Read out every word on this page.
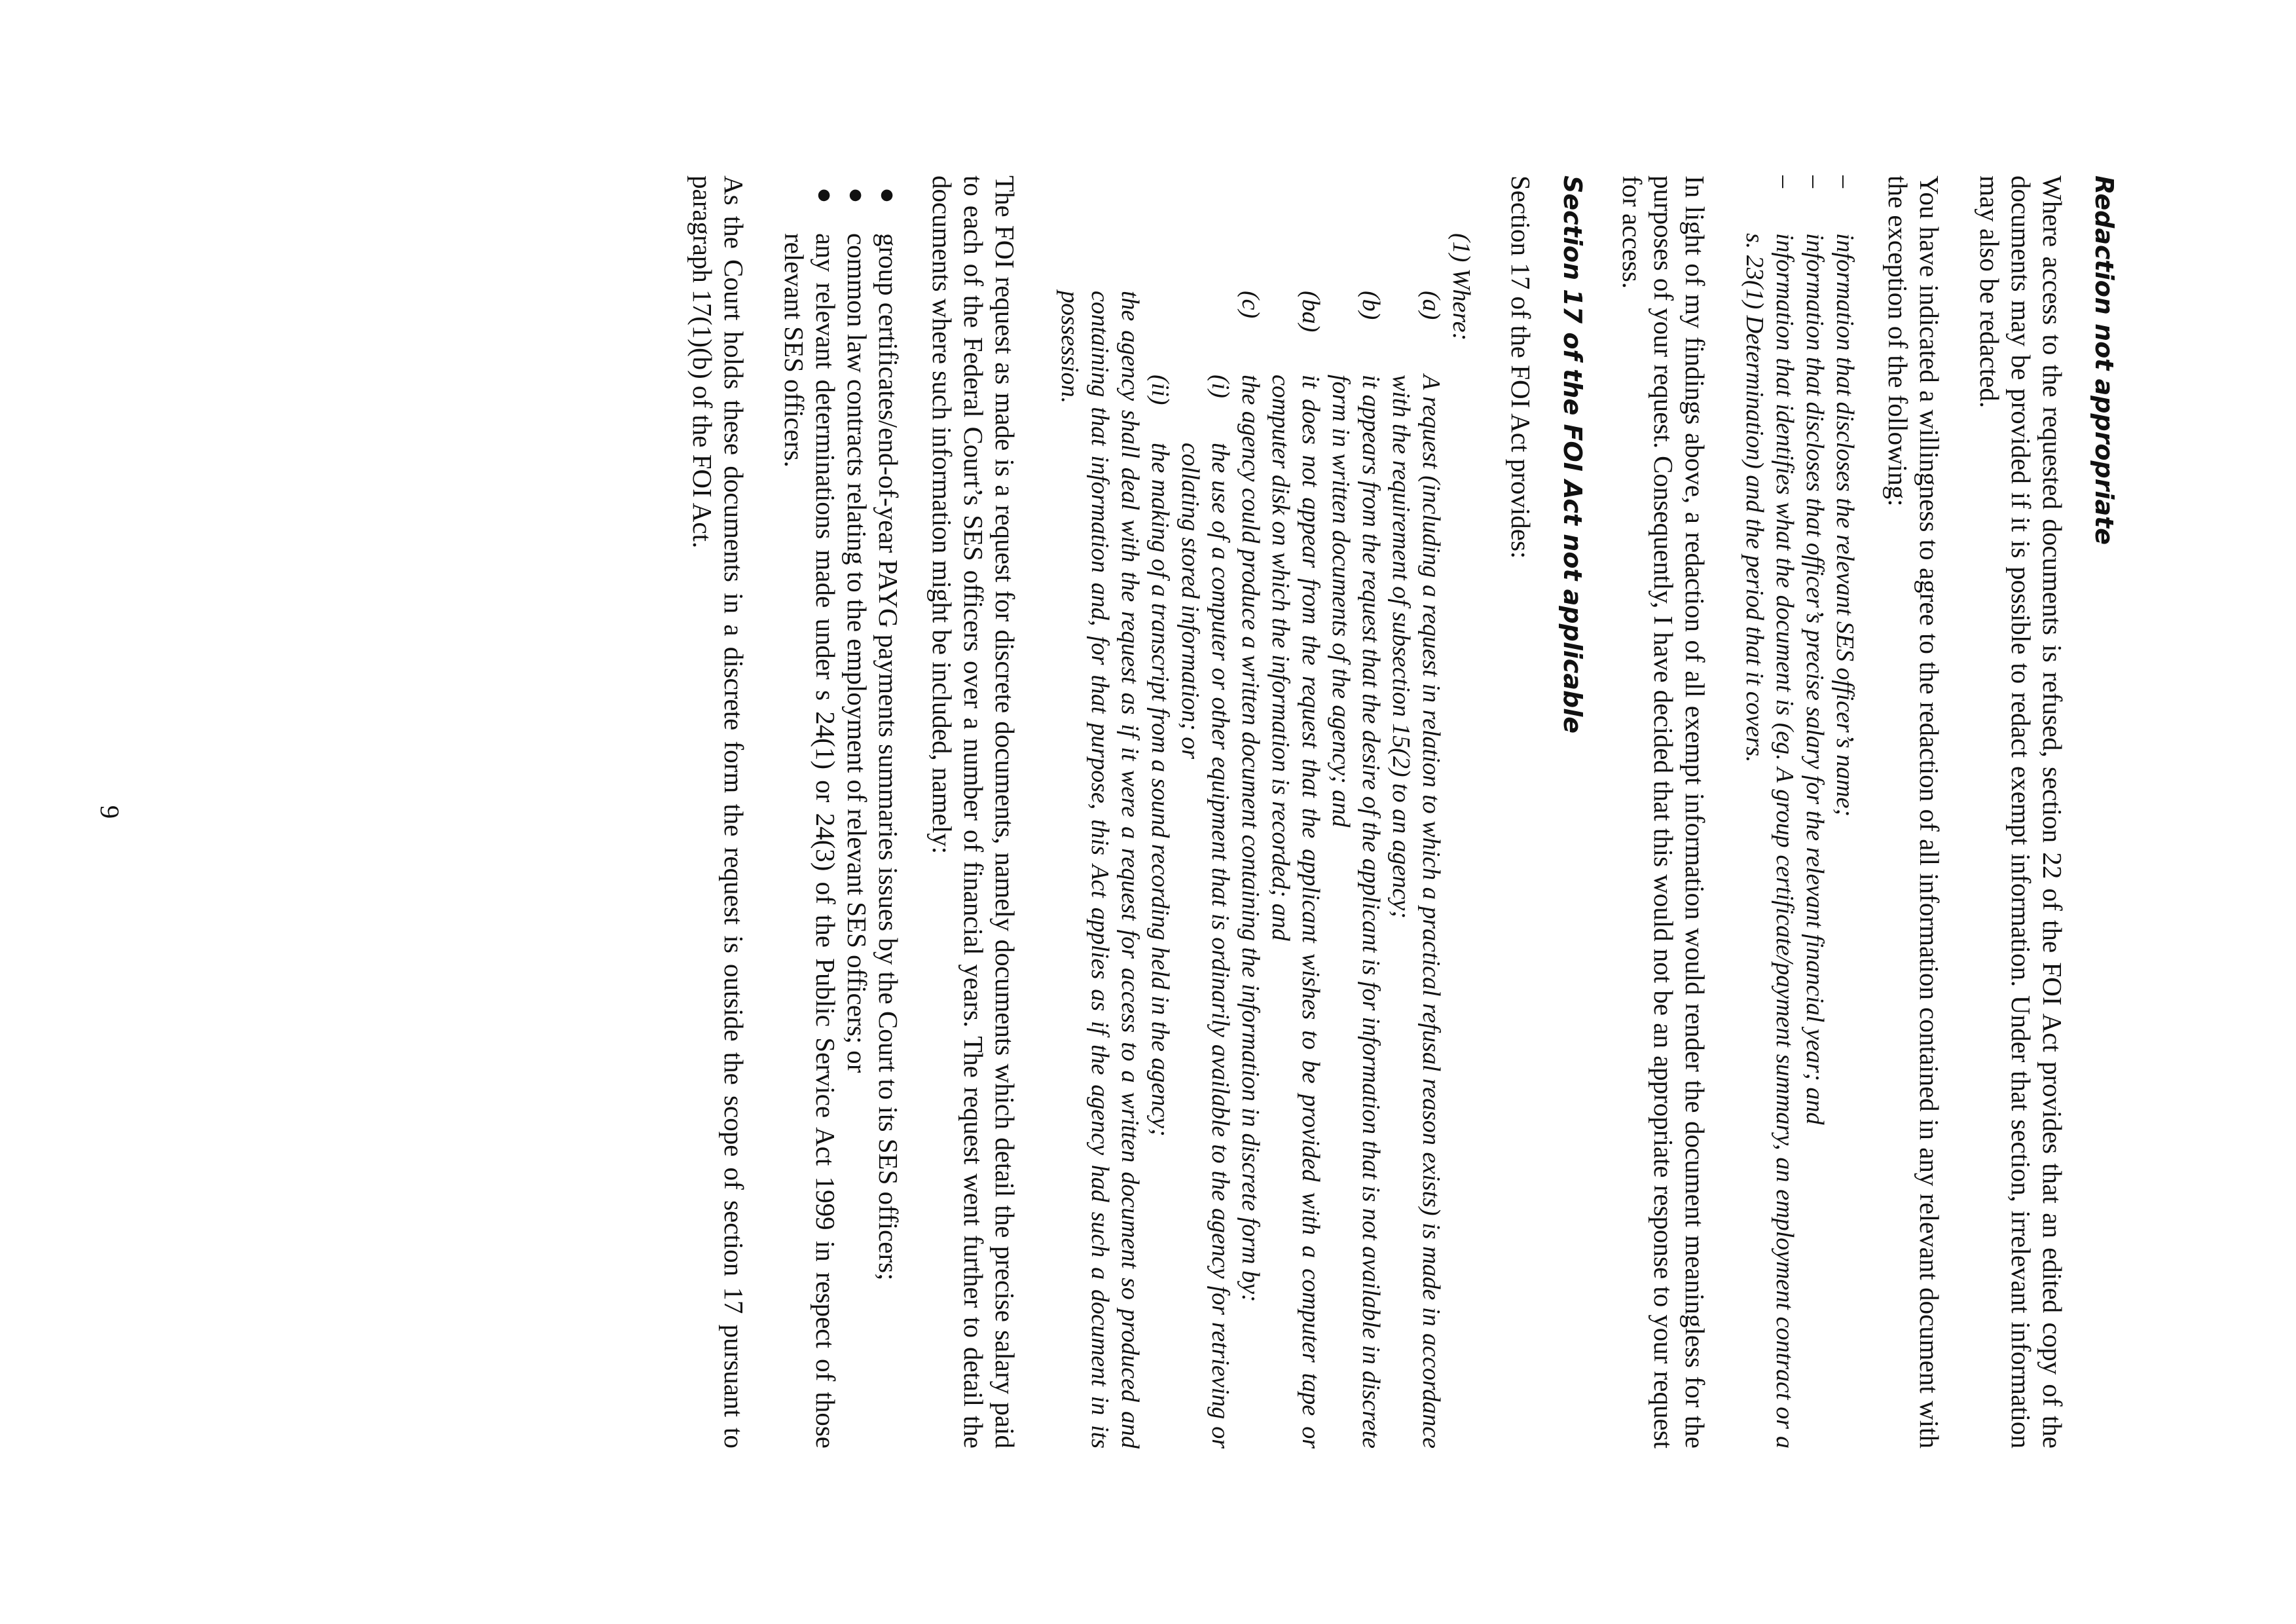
Redaction not appropriate

Where access to the requested documents is refused, section 22 of the FOI Act provides that an edited copy of the documents may be provided if it is possible to redact exempt information. Under that section, irrelevant information may also be redacted.

You have indicated a willingness to agree to the redaction of all information contained in any relevant document with the exception of the following:

–
information that discloses the relevant SES officer’s name;
–
information that discloses that officer’s precise salary for the relevant financial year; and
–
information that identifies what the document is (eg. A group certificate/payment summary, an employment contract or a s. 23(1) Determination) and the period that it covers.

In light of my findings above, a redaction of all exempt information would render the document meaningless for the purposes of your request. Consequently, I have decided that this would not be an appropriate response to your request for access.

Section 17 of the FOI Act not applicable

Section 17 of the FOI Act provides:

(1) Where:
(a)
A request (including a request in relation to which a practical refusal reason exists) is made in accordance with the requirement of subsection 15(2) to an agency;
(b)
it appears from the request that the desire of the applicant is for information that is not available in discrete form in written documents of the agency; and
(ba)
it does not appear from the request that the applicant wishes to be provided with a computer tape or computer disk on which the information is recorded; and
(c)
the agency could produce a written document containing the information in discrete form by:
(i)
the use of a computer or other equipment that is ordinarily available to the agency for retrieving or collating stored information; or
(ii)
the making of a transcript from a sound recording held in the agency;
the agency shall deal with the request as if it were a request for access to a written document so produced and containing that information and, for that purpose, this Act applies as if the agency had such a document in its possession.

The FOI request as made is a request for discrete documents, namely documents which detail the precise salary paid to each of the Federal Court’s SES officers over a number of financial years. The request went further to detail the documents where such information might be included, namely:

●
group certificates/end-of-year PAYG payments summaries issues by the Court to its SES officers;
●
common law contracts relating to the employment of relevant SES officers; or
●
any relevant determinations made under s 24(1) or 24(3) of the Public Service Act 1999 in respect of those relevant SES officers.

As the Court holds these documents in a discrete form the request is outside the scope of section 17 pursuant to paragraph 17(1)(b) of the FOI Act.

9
